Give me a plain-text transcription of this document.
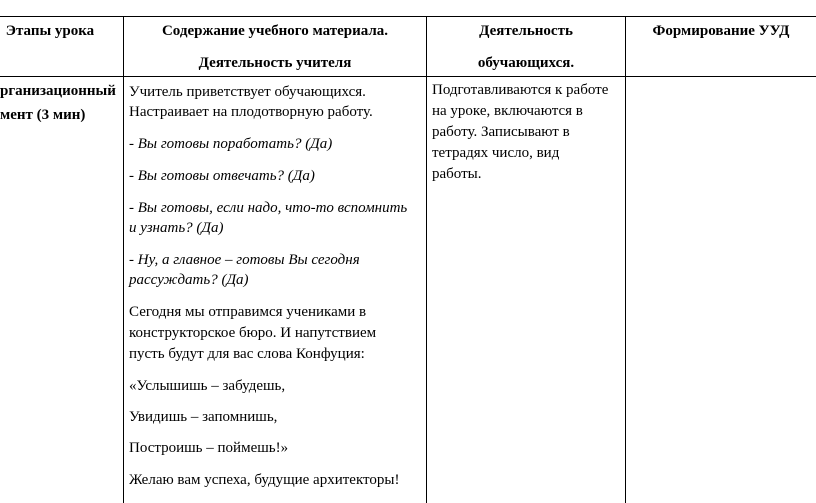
Этапы урока	Содержание учебного материала.
Деятельность учителя
Деятельность
обучающихся.
Формирование УУД
рганизационный
мент (3 мин)
Учитель приветствует обучающихся.
Настраивает на плодотворную работу.
- Вы готовы поработать? (Да)
- Вы готовы отвечать? (Да)
- Вы готовы, если надо, что-то вспомнить
и узнать? (Да)
- Ну, а главное – готовы Вы сегодня
рассуждать? (Да)
Сегодня мы отправимся учениками в
конструкторское бюро. И напутствием
пусть будут для вас слова Конфуция:
«Услышишь – забудешь,
Увидишь – запомнишь,
Построишь – поймешь!»
Желаю вам успеха, будущие архитекторы!
Подготавливаются к работе
на уроке, включаются в
работу. Записывают в
тетрадях число, вид
работы.
